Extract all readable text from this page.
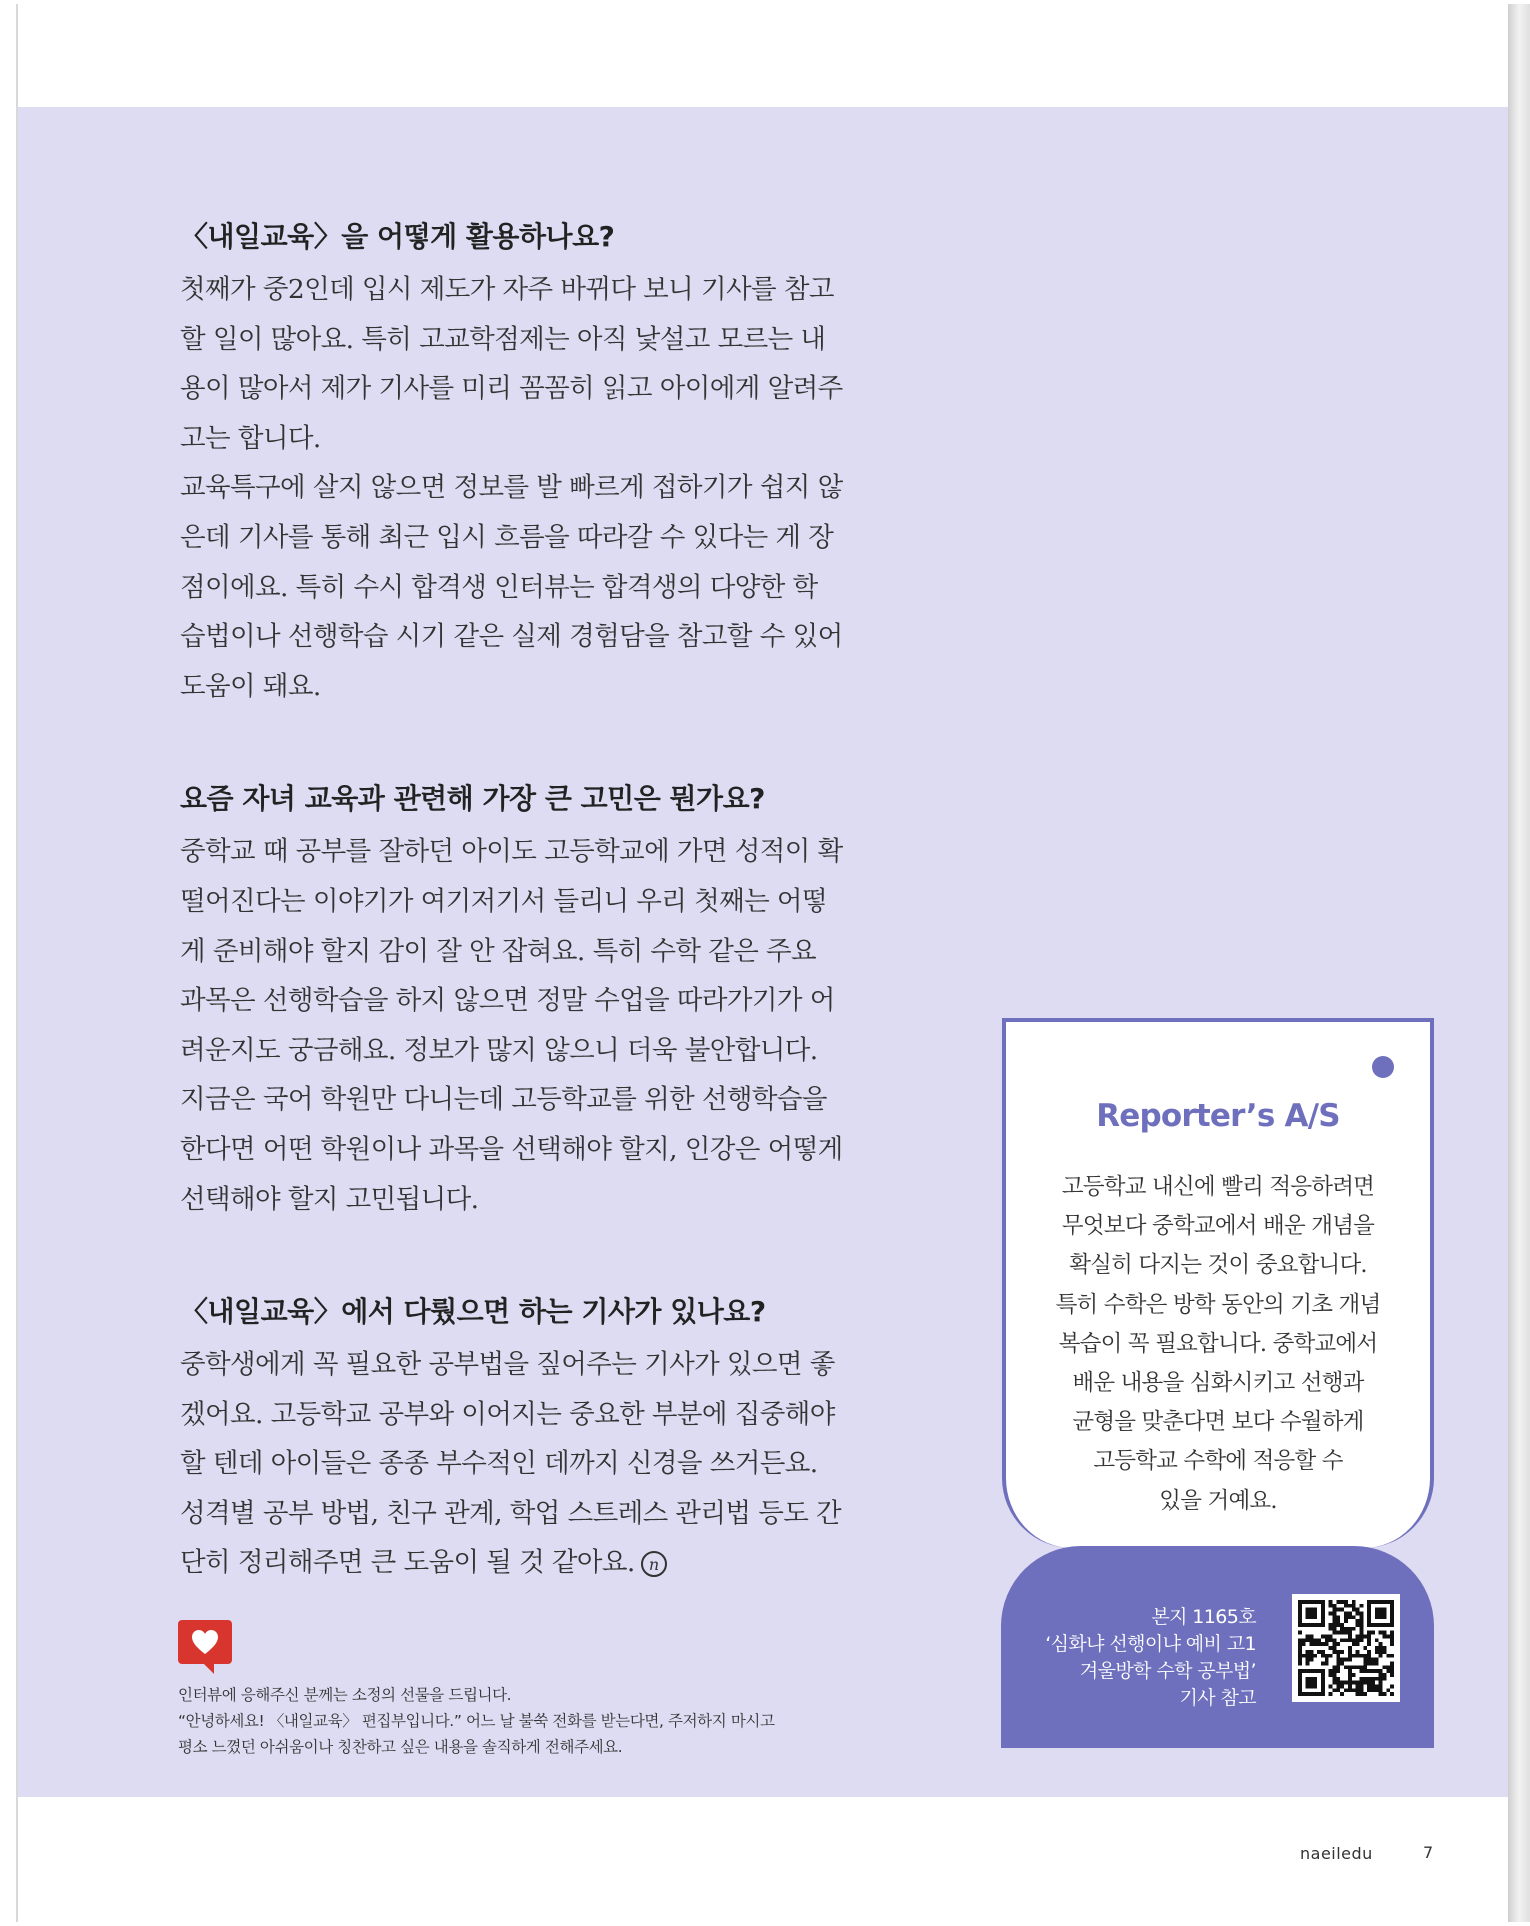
〈내일교육〉을 어떻게 활용하나요?

첫째가 중2인데 입시 제도가 자주 바뀌다 보니 기사를 참고

할 일이 많아요. 특히 고교학점제는 아직 낯설고 모르는 내

용이 많아서 제가 기사를 미리 꼼꼼히 읽고 아이에게 알려주

고는 합니다.

교육특구에 살지 않으면 정보를 발 빠르게 접하기가 쉽지 않

은데 기사를 통해 최근 입시 흐름을 따라갈 수 있다는 게 장

점이에요. 특히 수시 합격생 인터뷰는 합격생의 다양한 학

습법이나 선행학습 시기 같은 실제 경험담을 참고할 수 있어

도움이 돼요.

요즘 자녀 교육과 관련해 가장 큰 고민은 뭔가요?

중학교 때 공부를 잘하던 아이도 고등학교에 가면 성적이 확

떨어진다는 이야기가 여기저기서 들리니 우리 첫째는 어떻

게 준비해야 할지 감이 잘 안 잡혀요. 특히 수학 같은 주요

과목은 선행학습을 하지 않으면 정말 수업을 따라가기가 어

려운지도 궁금해요. 정보가 많지 않으니 더욱 불안합니다.

지금은 국어 학원만 다니는데 고등학교를 위한 선행학습을

한다면 어떤 학원이나 과목을 선택해야 할지, 인강은 어떻게

선택해야 할지 고민됩니다.

〈내일교육〉에서 다뤘으면 하는 기사가 있나요?

중학생에게 꼭 필요한 공부법을 짚어주는 기사가 있으면 좋

겠어요. 고등학교 공부와 이어지는 중요한 부분에 집중해야

할 텐데 아이들은 종종 부수적인 데까지 신경을 쓰거든요.

성격별 공부 방법, 친구 관계, 학업 스트레스 관리법 등도 간

단히 정리해주면 큰 도움이 될 것 같아요. n

인터뷰에 응해주신 분께는 소정의 선물을 드립니다.

“안녕하세요! 〈내일교육〉 편집부입니다.” 어느 날 불쑥 전화를 받는다면, 주저하지 마시고

평소 느꼈던 아쉬움이나 칭찬하고 싶은 내용을 솔직하게 전해주세요.

Reporter’s A/S
고등학교 내신에 빨리 적응하려면
무엇보다 중학교에서 배운 개념을
확실히 다지는 것이 중요합니다.
특히 수학은 방학 동안의 기초 개념
복습이 꼭 필요합니다. 중학교에서
배운 내용을 심화시키고 선행과
균형을 맞춘다면 보다 수월하게
고등학교 수학에 적응할 수
있을 거예요.
본지 1165호
‘심화냐 선행이냐 예비 고1
겨울방학 수학 공부법’
기사 참고
naeiledu	7
